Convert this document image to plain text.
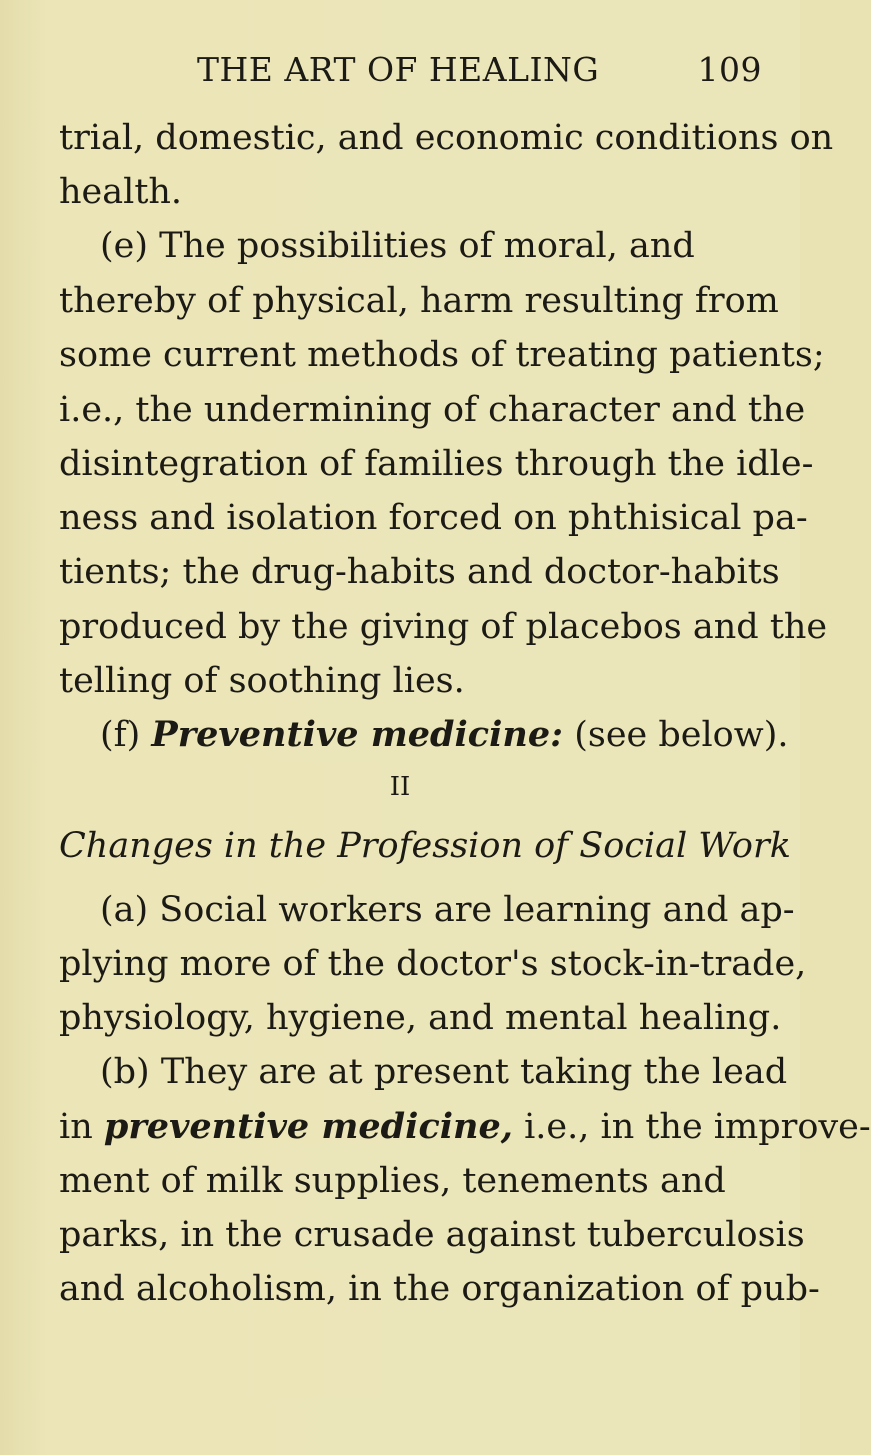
THE ART OF HEALING	109
trial, domestic, and economic conditions on
health.
(e) The possibilities of moral, and
thereby of physical, harm resulting from
some current methods of treating patients;
i.e., the undermining of character and the
disintegration of families through the idle-
ness and isolation forced on phthisical pa-
tients; the drug-habits and doctor-habits
produced by the giving of placebos and the
telling of soothing lies.
(f) Preventive medicine: (see below).
II
Changes in the Profession of Social Work
(a) Social workers are learning and ap-
plying more of the doctor's stock-in-trade,
physiology, hygiene, and mental healing.
(b) They are at present taking the lead
in preventive medicine, i.e., in the improve-
ment of milk supplies, tenements and
parks, in the crusade against tuberculosis
and alcoholism, in the organization of pub-
